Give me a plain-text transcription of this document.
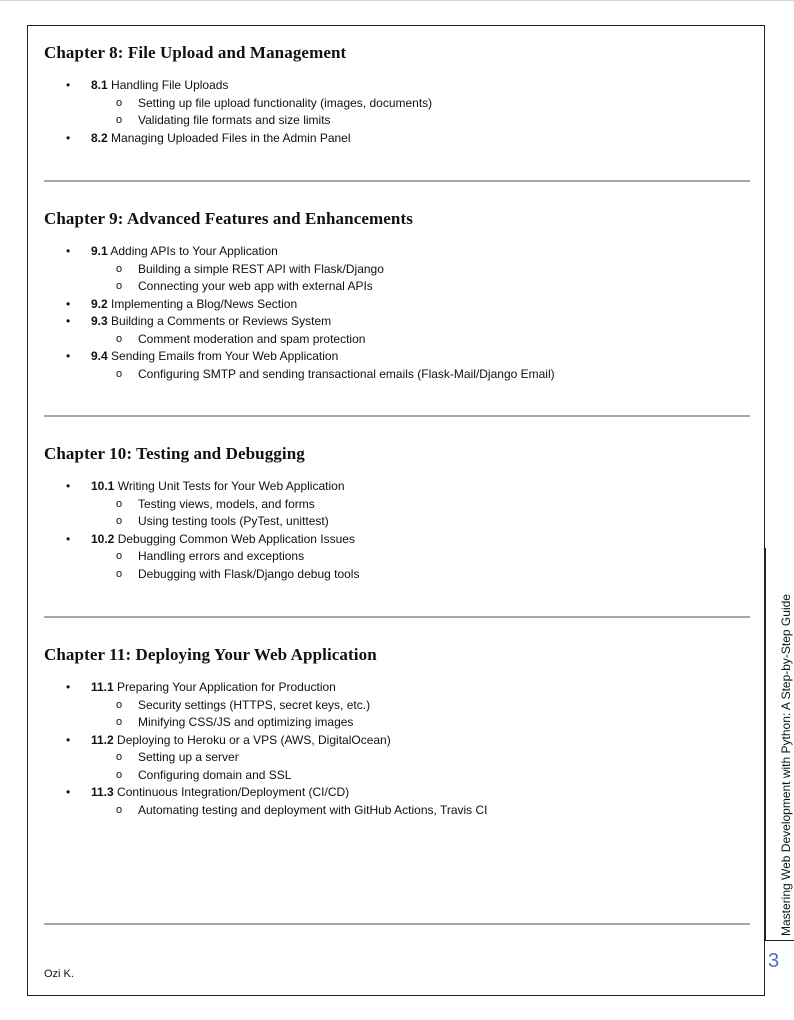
Chapter 8: File Upload and Management
• 8.1 Handling File Uploads
o Setting up file upload functionality (images, documents)
o Validating file formats and size limits
• 8.2 Managing Uploaded Files in the Admin Panel
Chapter 9: Advanced Features and Enhancements
• 9.1 Adding APIs to Your Application
o Building a simple REST API with Flask/Django
o Connecting your web app with external APIs
• 9.2 Implementing a Blog/News Section
• 9.3 Building a Comments or Reviews System
o Comment moderation and spam protection
• 9.4 Sending Emails from Your Web Application
o Configuring SMTP and sending transactional emails (Flask-Mail/Django Email)
Chapter 10: Testing and Debugging
• 10.1 Writing Unit Tests for Your Web Application
o Testing views, models, and forms
o Using testing tools (PyTest, unittest)
• 10.2 Debugging Common Web Application Issues
o Handling errors and exceptions
o Debugging with Flask/Django debug tools
Chapter 11: Deploying Your Web Application
• 11.1 Preparing Your Application for Production
o Security settings (HTTPS, secret keys, etc.)
o Minifying CSS/JS and optimizing images
• 11.2 Deploying to Heroku or a VPS (AWS, DigitalOcean)
o Setting up a server
o Configuring domain and SSL
• 11.3 Continuous Integration/Deployment (CI/CD)
o Automating testing and deployment with GitHub Actions, Travis CI
Ozi K.
Mastering Web Development with Python: A Step-by-Step Guide
3
